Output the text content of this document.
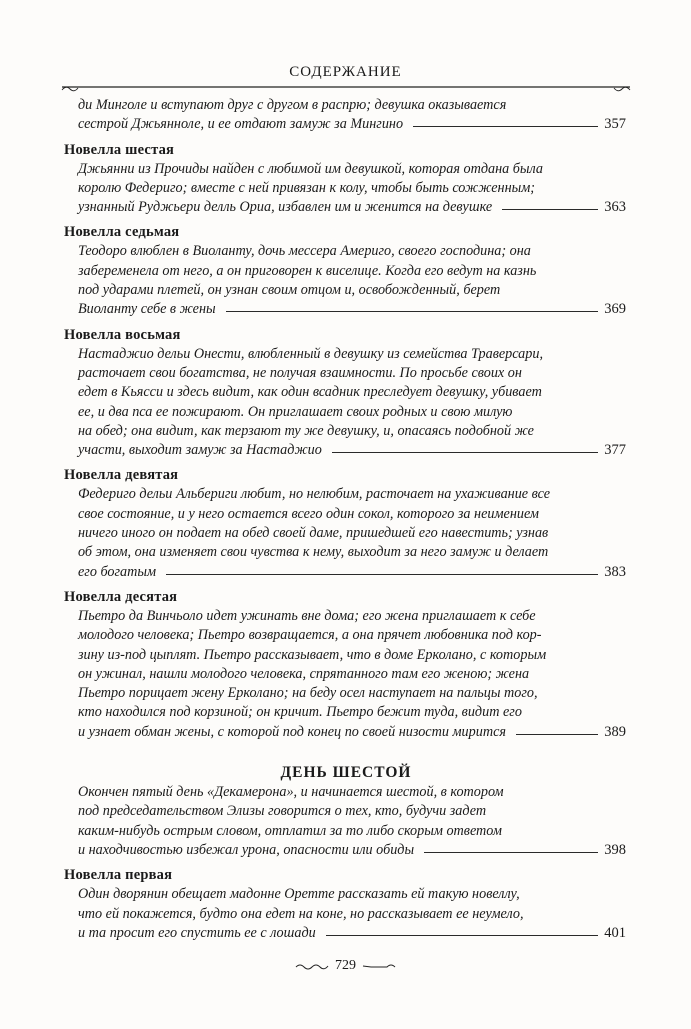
СОДЕРЖАНИЕ
ди Минголе и вступают друг с другом в распрю; девушка оказывается
сестрой Джьянноле, и ее отдают замуж за Мингино	357
Новелла шестая
Джьянни из Прочиды найден с любимой им девушкой, которая отдана была
королю Федериго; вместе с ней привязан к колу, чтобы быть сожженным;
узнанный Руджьери делль Ориа, избавлен им и женится на девушке	363
Новелла седьмая
Теодоро влюблен в Виоланту, дочь мессера Америго, своего господина; она
забеременела от него, а он приговорен к виселице. Когда его ведут на казнь
под ударами плетей, он узнан своим отцом и, освобожденный, берет
Виоланту себе в жены	369
Новелла восьмая
Настаджио дельи Онести, влюбленный в девушку из семейства Траверсари,
расточает свои богатства, не получая взаимности. По просьбе своих он
едет в Кьясси и здесь видит, как один всадник преследует девушку, убивает
ее, и два пса ее пожирают. Он приглашает своих родных и свою милую
на обед; она видит, как терзают ту же девушку, и, опасаясь подобной же
участи, выходит замуж за Настаджио	377
Новелла девятая
Федериго дельи Альбериги любит, но нелюбим, расточает на ухаживание все
свое состояние, и у него остается всего один сокол, которого за неимением
ничего иного он подает на обед своей даме, пришедшей его навестить; узнав
об этом, она изменяет свои чувства к нему, выходит за него замуж и делает
его богатым	383
Новелла десятая
Пьетро да Винчьоло идет ужинать вне дома; его жена приглашает к себе
молодого человека; Пьетро возвращается, а она прячет любовника под кор-
зину из-под цыплят. Пьетро рассказывает, что в доме Ерколано, с которым
он ужинал, нашли молодого человека, спрятанного там его женою; жена
Пьетро порицает жену Ерколано; на беду осел наступает на пальцы того,
кто находился под корзиной; он кричит. Пьетро бежит туда, видит его
и узнает обман жены, с которой под конец по своей низости мирится	389
ДЕНЬ ШЕСТОЙ
Окончен пятый день «Декамерона», и начинается шестой, в котором
под председательством Элизы говорится о тех, кто, будучи задет
каким-нибудь острым словом, отплатил за то либо скорым ответом
и находчивостью избежал урона, опасности или обиды	398
Новелла первая
Один дворянин обещает мадонне Оретте рассказать ей такую новеллу,
что ей покажется, будто она едет на коне, но рассказывает ее неумело,
и та просит его спустить ее с лошади	401
729
